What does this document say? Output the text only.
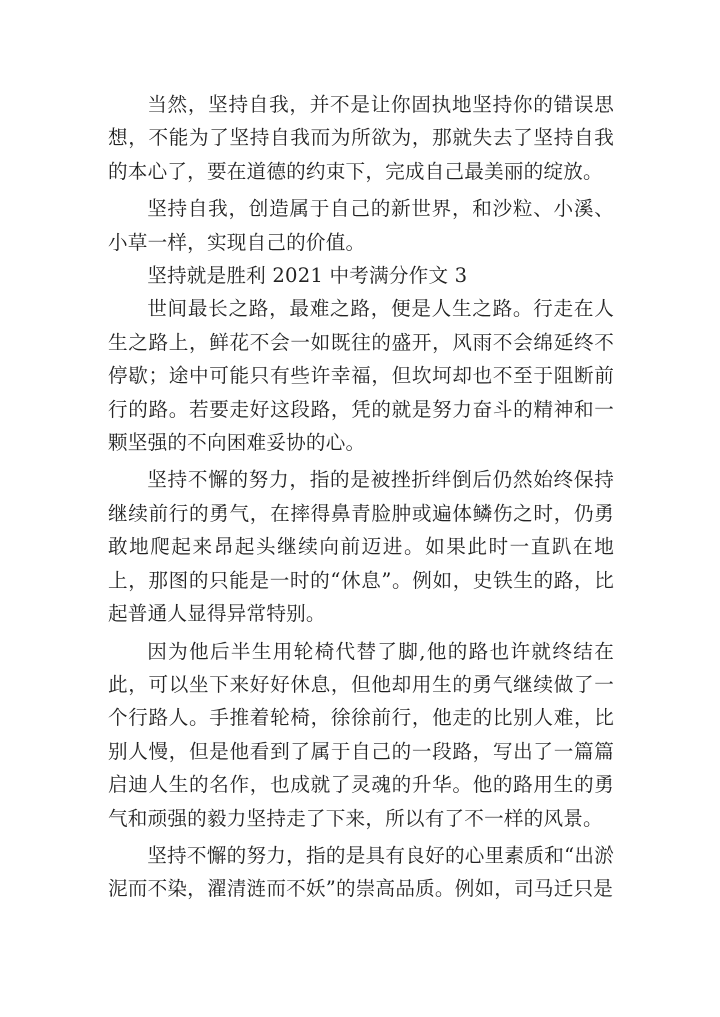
当然，坚持自我，并不是让你固执地坚持你的错误思想，不能为了坚持自我而为所欲为，那就失去了坚持自我的本心了，要在道德的约束下，完成自己最美丽的绽放。

坚持自我，创造属于自己的新世界，和沙粒、小溪、小草一样，实现自己的价值。

坚持就是胜利 2021 中考满分作文 3

世间最长之路，最难之路，便是人生之路。行走在人生之路上，鲜花不会一如既往的盛开，风雨不会绵延终不停歇；途中可能只有些许幸福，但坎坷却也不至于阻断前行的路。若要走好这段路，凭的就是努力奋斗的精神和一颗坚强的不向困难妥协的心。

坚持不懈的努力，指的是被挫折绊倒后仍然始终保持继续前行的勇气，在摔得鼻青脸肿或遍体鳞伤之时，仍勇敢地爬起来昂起头继续向前迈进。如果此时一直趴在地上，那图的只能是一时的“休息”。例如，史铁生的路，比起普通人显得异常特别。

因为他后半生用轮椅代替了脚,他的路也许就终结在此，可以坐下来好好休息，但他却用生的勇气继续做了一个行路人。手推着轮椅，徐徐前行，他走的比别人难，比别人慢，但是他看到了属于自己的一段路，写出了一篇篇启迪人生的名作，也成就了灵魂的升华。他的路用生的勇气和顽强的毅力坚持走了下来，所以有了不一样的风景。

坚持不懈的努力，指的是具有良好的心里素质和“出淤泥而不染，濯清涟而不妖”的崇高品质。例如，司马迁只是
